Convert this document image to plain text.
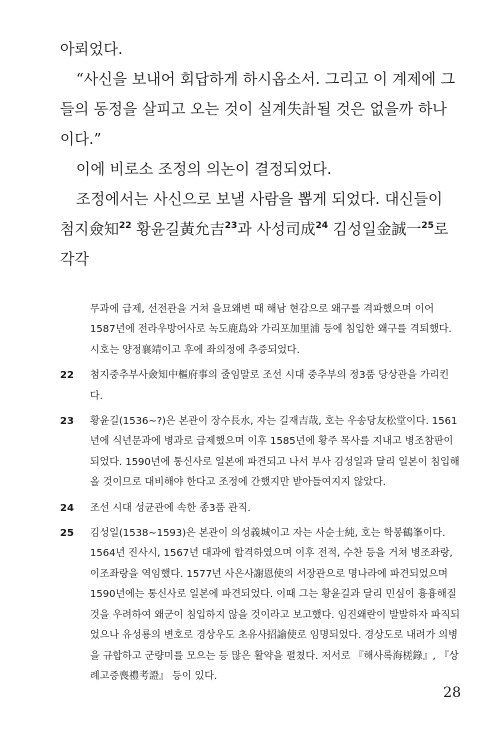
아뢰었다.

“사신을 보내어 회답하게 하시옵소서. 그리고 이 계제에 그들의 동정을 살피고 오는 것이 실계失計될 것은 없을까 하나이다.”

이에 비로소 조정의 의논이 결정되었다.

조정에서는 사신으로 보낼 사람을 뽑게 되었다. 대신들이 첨지僉知$^{22}$ 황윤길黃允吉$^{23}$과 사성司成$^{24}$ 김성일金誠一$^{25}$로 각각

무과에 급제, 선전관을 거쳐 을묘왜변 때 해남 현감으로 왜구를 격파했으며 이어 1587년에 전라우방어사로 녹도鹿島와 가리포加里浦 등에 침입한 왜구를 격퇴했다. 시호는 양정襄靖이고 후에 좌의정에 추증되었다.
22 첨지중추부사僉知中樞府事의 줄임말로 조선 시대 중추부의 정3품 당상관을 가리킨다.
23 황윤길(1536∼?)은 본관이 장수長水, 자는 길재吉哉, 호는 우송당友松堂이다. 1561년에 식년문과에 병과로 급제했으며 이후 1585년에 황주 목사를 지내고 병조참판이 되었다. 1590년에 통신사로 일본에 파견되고 나서 부사 김성일과 달리 일본이 침입해 올 것이므로 대비해야 한다고 조정에 간했지만 받아들여지지 않았다.
24 조선 시대 성균관에 속한 종3품 관직.
25 김성일(1538∼1593)은 본관이 의성義城이고 자는 사순士純, 호는 학봉鶴峯이다. 1564년 진사시, 1567년 대과에 합격하였으며 이후 전적, 수찬 등을 거쳐 병조좌랑, 이조좌랑을 역임했다. 1577년 사은사謝恩使의 서장관으로 명나라에 파견되었으며 1590년에는 통신사로 일본에 파견되었다. 이때 그는 황윤길과 달리 민심이 흉흉해질 것을 우려하여 왜군이 침입하지 않을 것이라고 보고했다. 임진왜란이 발발하자 파직되었으나 유성룡의 변호로 경상우도 초유사招諭使로 임명되었다. 경상도로 내려가 의병을 규합하고 군량미를 모으는 등 많은 활약을 펼쳤다. 저서로 『해사록海槎錄』, 『상례고증喪禮考證』 등이 있다.
28
